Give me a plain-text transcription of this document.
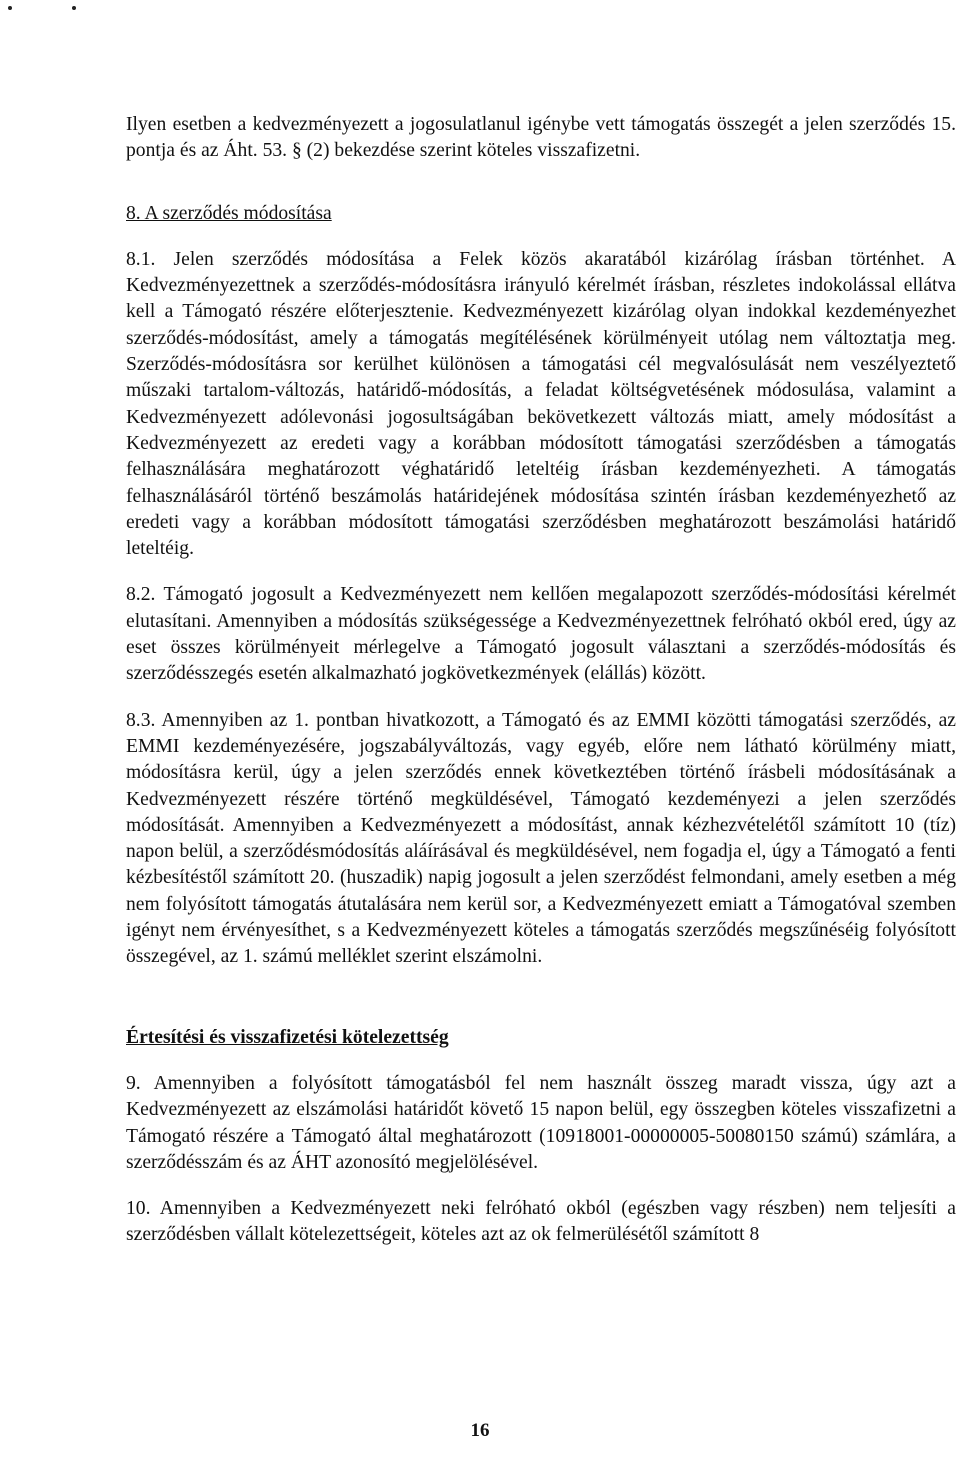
Ilyen esetben a kedvezményezett a jogosulatlanul igénybe vett támogatás összegét a jelen szerződés 15. pontja és az Áht. 53. § (2) bekezdése szerint köteles visszafizetni.

8. A szerződés módosítása

8.1. Jelen szerződés módosítása a Felek közös akaratából kizárólag írásban történhet. A Kedvezményezettnek a szerződés-módosításra irányuló kérelmét írásban, részletes indokolással ellátva kell a Támogató részére előterjesztenie. Kedvezményezett kizárólag olyan indokkal kezdeményezhet szerződés-módosítást, amely a támogatás megítélésének körülményeit utólag nem változtatja meg. Szerződés-módosításra sor kerülhet különösen a támogatási cél megvalósulását nem veszélyeztető műszaki tartalom-változás, határidő-módosítás, a feladat költségvetésének módosulása, valamint a Kedvezményezett adólevonási jogosultságában bekövetkezett változás miatt, amely módosítást a Kedvezményezett az eredeti vagy a korábban módosított támogatási szerződésben a támogatás felhasználására meghatározott véghatáridő leteltéig írásban kezdeményezheti. A támogatás felhasználásáról történő beszámolás határidejének módosítása szintén írásban kezdeményezhető az eredeti vagy a korábban módosított támogatási szerződésben meghatározott beszámolási határidő leteltéig.

8.2. Támogató jogosult a Kedvezményezett nem kellően megalapozott szerződés-módosítási kérelmét elutasítani. Amennyiben a módosítás szükségessége a Kedvezményezettnek felróható okból ered, úgy az eset összes körülményeit mérlegelve a Támogató jogosult választani a szerződés-módosítás és szerződésszegés esetén alkalmazható jogkövetkezmények (elállás) között.

8.3. Amennyiben az 1. pontban hivatkozott, a Támogató és az EMMI közötti támogatási szerződés, az EMMI kezdeményezésére, jogszabályváltozás, vagy egyéb, előre nem látható körülmény miatt, módosításra kerül, úgy a jelen szerződés ennek következtében történő írásbeli módosításának a Kedvezményezett részére történő megküldésével, Támogató kezdeményezi a jelen szerződés módosítását. Amennyiben a Kedvezményezett a módosítást, annak kézhezvételétől számított 10 (tíz) napon belül, a szerződésmódosítás aláírásával és megküldésével, nem fogadja el, úgy a Támogató a fenti kézbesítéstől számított 20. (huszadik) napig jogosult a jelen szerződést felmondani, amely esetben a még nem folyósított támogatás átutalására nem kerül sor, a Kedvezményezett emiatt a Támogatóval szemben igényt nem érvényesíthet, s a Kedvezményezett köteles a támogatás szerződés megszűnéséig folyósított összegével, az 1. számú melléklet szerint elszámolni.

Értesítési és visszafizetési kötelezettség

9. Amennyiben a folyósított támogatásból fel nem használt összeg maradt vissza, úgy azt a Kedvezményezett az elszámolási határidőt követő 15 napon belül, egy összegben köteles visszafizetni a Támogató részére a Támogató által meghatározott (10918001-00000005-50080150 számú) számlára, a szerződésszám és az ÁHT azonosító megjelölésével.

10. Amennyiben a Kedvezményezett neki felróható okból (egészben vagy részben) nem teljesíti a szerződésben vállalt kötelezettségeit, köteles azt az ok felmerülésétől számított 8

16
